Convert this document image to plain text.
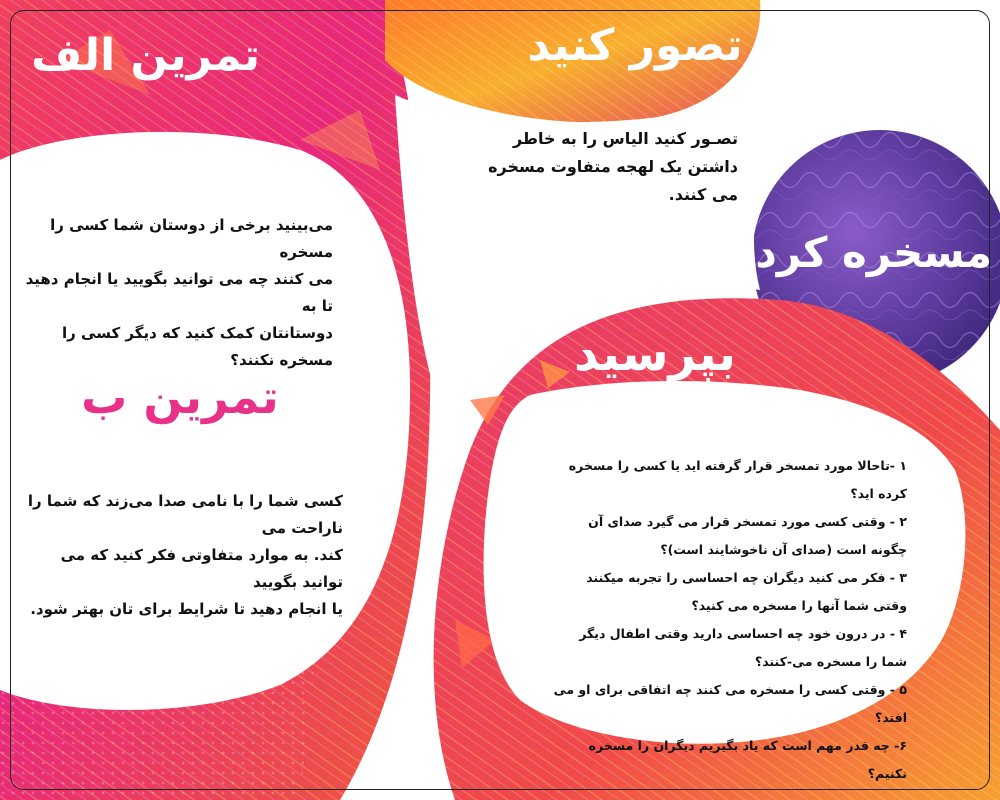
تمرین الف	تصور کنید
مسخره کردن
بپرسید
تمرین ب
می‌بینید برخی از دوستان شما کسی را مسخره
می کنند چه می توانید بگویید یا انجام دهید تا به
دوستانتان کمک کنید که دیگر کسی را مسخره نکنند؟
تصـور کنید الیاس را به خاطر
داشتن یک لهجه متفاوت مسخره
می کنند.
کسی شما را با نامی صدا می‌زند که شما را ناراحت می
کند. به موارد متفاوتی فکر کنید که می توانید بگویید
یا انجام دهید تا شرایط برای تان بهتر شود.
۱ -تاحالا مورد تمسخر قرار گرفته اید یا کسی را مسخره کرده اید؟
۲ - وقتی کسی مورد تمسخر قرار می گیرد صدای آن چگونه است (صدای آن ناخوشایند است)؟
۳ - فکر می کنید دیگران چه احساسی را تجربه میکنند وقتی شما آنها را مسخره می کنید؟
۴ - در درون خود چه احساسی دارید وقتی اطفال دیگر شما را مسخره می-کنند؟
۵ - وقتی کسی را مسخره می کنند چه اتفاقی برای او می افتد؟
۶- چه قدر مهم است که یاد بگیریم دیگران را مسخره نکنیم؟
